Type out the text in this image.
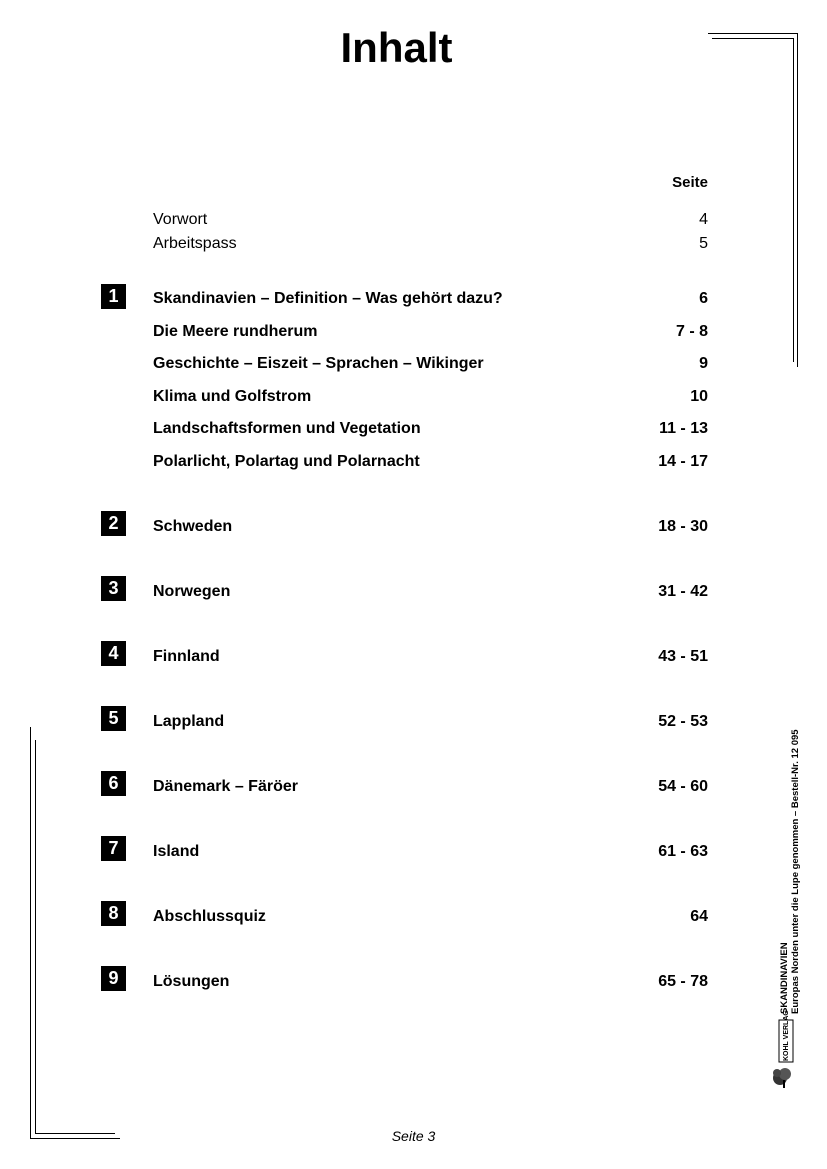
Inhalt
Seite
Vorwort	4
Arbeitspass	5
1	Skandinavien – Definition – Was gehört dazu?	6
Die Meere rundherum	7 - 8
Geschichte – Eiszeit – Sprachen – Wikinger	9
Klima und Golfstrom	10
Landschaftsformen und Vegetation	11 - 13
Polarlicht, Polartag und Polarnacht	14 - 17
2	Schweden	18 - 30
3	Norwegen	31 - 42
4	Finnland	43 - 51
5	Lappland	52 - 53
6	Dänemark – Färöer	54 - 60
7	Island	61 - 63
8	Abschlussquiz	64
9	Lösungen	65 - 78	SKANDINAVIEN Europas Norden unter die Lupe genommen – Bestell-Nr. 12 095
KOHL VERLAG
Seite 3
